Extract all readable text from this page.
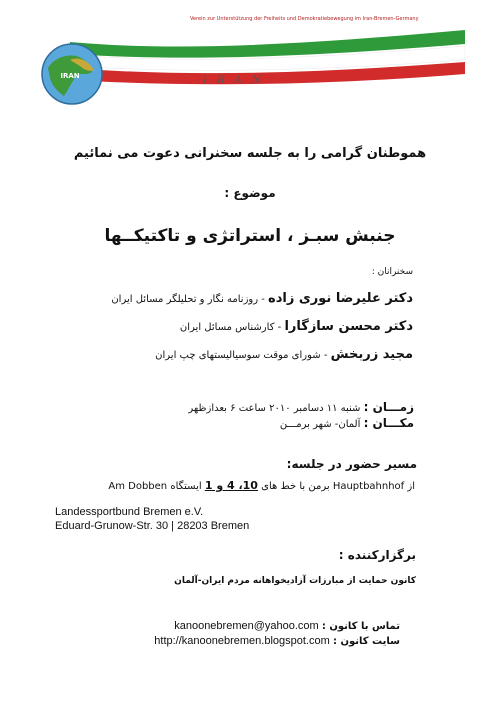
Verein zur Unterstützung der Freiheits und Demokratiebewegung im Iran-Bremen-Germany
IRAN
IRAN
هموطنان گرامی را به جلسه سخنرانی دعوت می نمائیم
موضوع :
جنبش سبـز ، استراتژی و تاکتیکــها
سخنرانان :
دکتر علیرضا نوری زاده - روزنامه نگار و تحلیلگر مسائل ایران
دکتر محسن سازگارا - کارشناس مسائل ایران
مجید زربخش - شورای موقت سوسیالیستهای چپ ایران
زمـــان : شنبه ۱۱ دسامبر ۲۰۱۰ ساعت ۶ بعدازظهر
مکـــان : آلمان- شهر برمـــن
مسیر حضور در جلسه:
از Hauptbahnhof برمن با خط های 10، 4 و 1 ایستگاه Am Dobben
Landessportbund Bremen e.V.
Eduard-Grunow-Str. 30 | 28203 Bremen
برگزارکننده :
کانون حمایت از مبارزات آزادیخواهانه مردم ایران-آلمان
تماس با کانون : kanoonebremen@yahoo.com
سایت کانون : http://kanoonebremen.blogspot.com
